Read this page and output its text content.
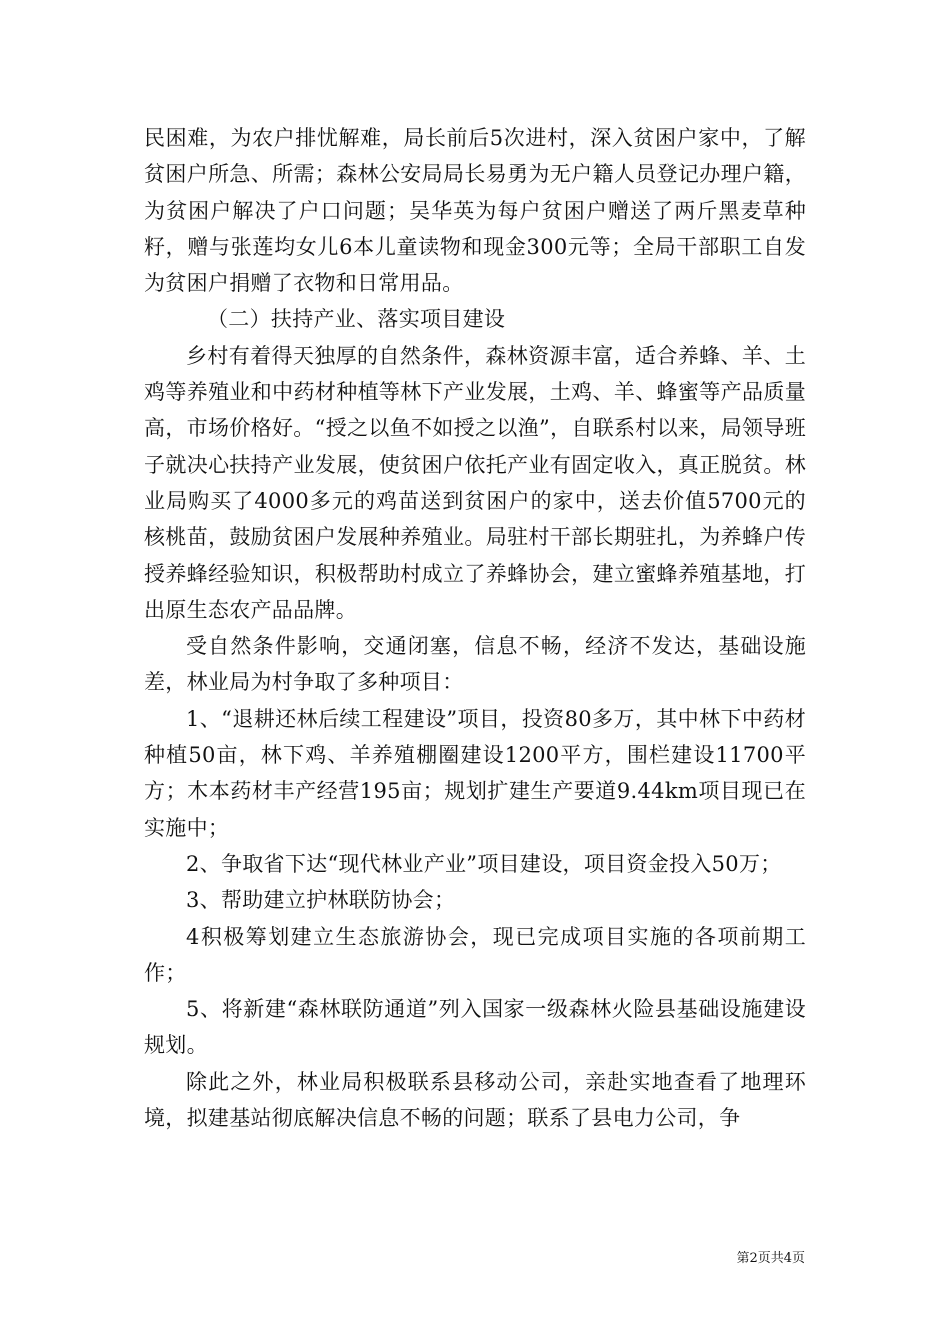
民困难，为农户排忧解难，局长前后5次进村，深入贫困户家中，了解贫困户所急、所需；森林公安局局长易勇为无户籍人员登记办理户籍，为贫困户解决了户口问题；吴华英为每户贫困户赠送了两斤黑麦草种籽，赠与张莲均女儿6本儿童读物和现金300元等；全局干部职工自发为贫困户捐赠了衣物和日常用品。

（二）扶持产业、落实项目建设

乡村有着得天独厚的自然条件，森林资源丰富，适合养蜂、羊、土鸡等养殖业和中药材种植等林下产业发展，土鸡、羊、蜂蜜等产品质量高，市场价格好。“授之以鱼不如授之以渔”，自联系村以来，局领导班子就决心扶持产业发展，使贫困户依托产业有固定收入，真正脱贫。林业局购买了4000多元的鸡苗送到贫困户的家中，送去价值5700元的核桃苗，鼓励贫困户发展种养殖业。局驻村干部长期驻扎，为养蜂户传授养蜂经验知识，积极帮助村成立了养蜂协会，建立蜜蜂养殖基地，打出原生态农产品品牌。

受自然条件影响，交通闭塞，信息不畅，经济不发达，基础设施差，林业局为村争取了多种项目：

1、“退耕还林后续工程建设”项目，投资80多万，其中林下中药材种植50亩，林下鸡、羊养殖棚圈建设1200平方，围栏建设11700平方；木本药材丰产经营195亩；规划扩建生产要道9.44km项目现已在实施中；

2、争取省下达“现代林业产业”项目建设，项目资金投入50万；

3、帮助建立护林联防协会；

4积极筹划建立生态旅游协会，现已完成项目实施的各项前期工作；

5、将新建“森林联防通道”列入国家一级森林火险县基础设施建设规划。

除此之外，林业局积极联系县移动公司，亲赴实地查看了地理环境，拟建基站彻底解决信息不畅的问题；联系了县电力公司，争

第2页共4页
